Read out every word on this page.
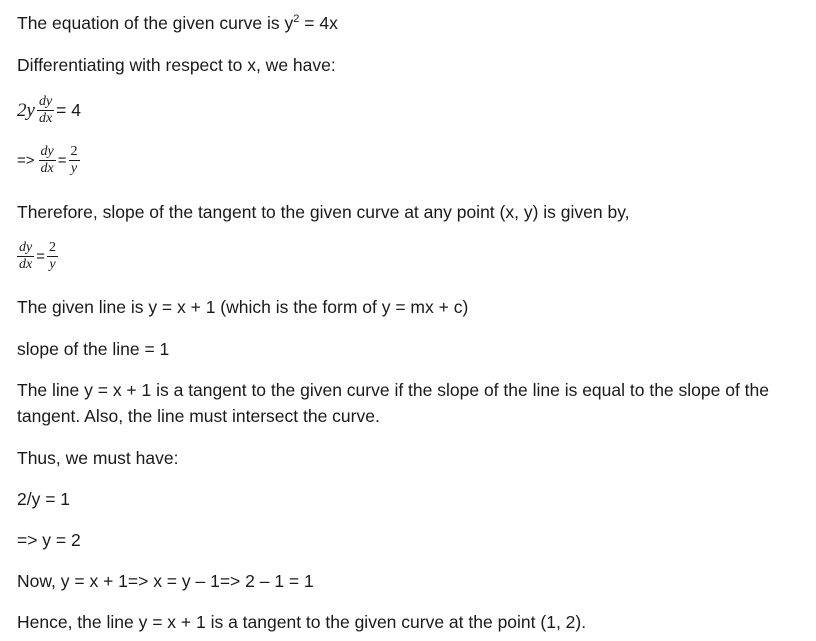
The equation of the given curve is $y^2 = 4x$
Differentiating with respect to x, we have:
$2y \frac{dy}{dx} = 4$
=> $\frac{dy}{dx} = \frac{2}{y}$
Therefore, slope of the tangent to the given curve at any point (x, y) is given by,
$\frac{dy}{dx} = \frac{2}{y}$
The given line is y = x + 1 (which is the form of y = mx + c)
slope of the line = 1
The line y = x + 1 is a tangent to the given curve if the slope of the line is equal to the slope of the tangent. Also, the line must intersect the curve.
Thus, we must have:
2/y = 1
=> y = 2
Now, y = x + 1=> x = y – 1=> 2 – 1 = 1
Hence, the line y = x + 1 is a tangent to the given curve at the point (1, 2).
